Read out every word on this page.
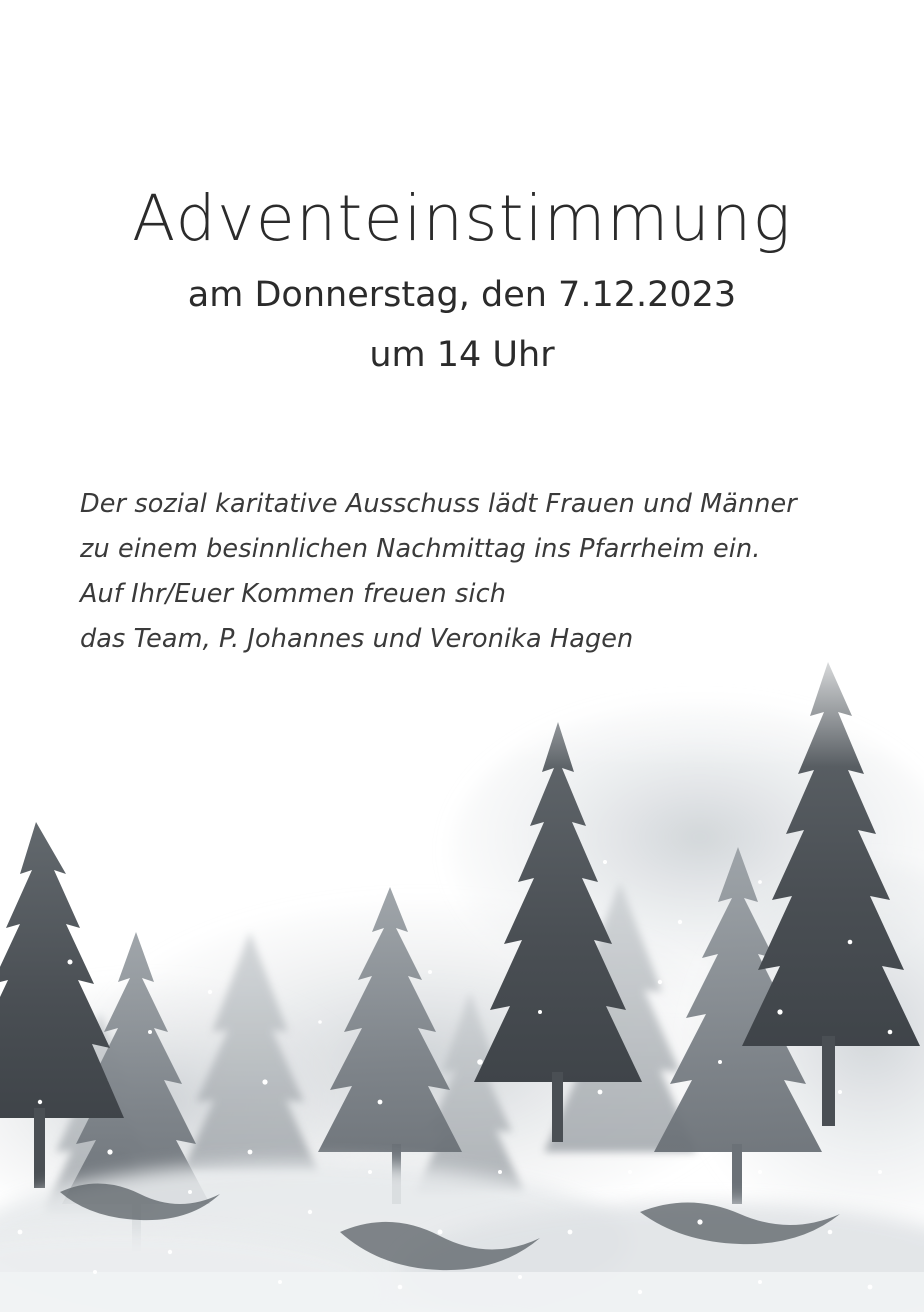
Adventeinstimmung

am Donnerstag, den 7.12.2023

um 14 Uhr

Der sozial karitative Ausschuss lädt Frauen und Männer
zu einem besinnlichen Nachmittag ins Pfarrheim ein.
Auf Ihr/Euer Kommen freuen sich
das Team, P. Johannes und Veronika Hagen
